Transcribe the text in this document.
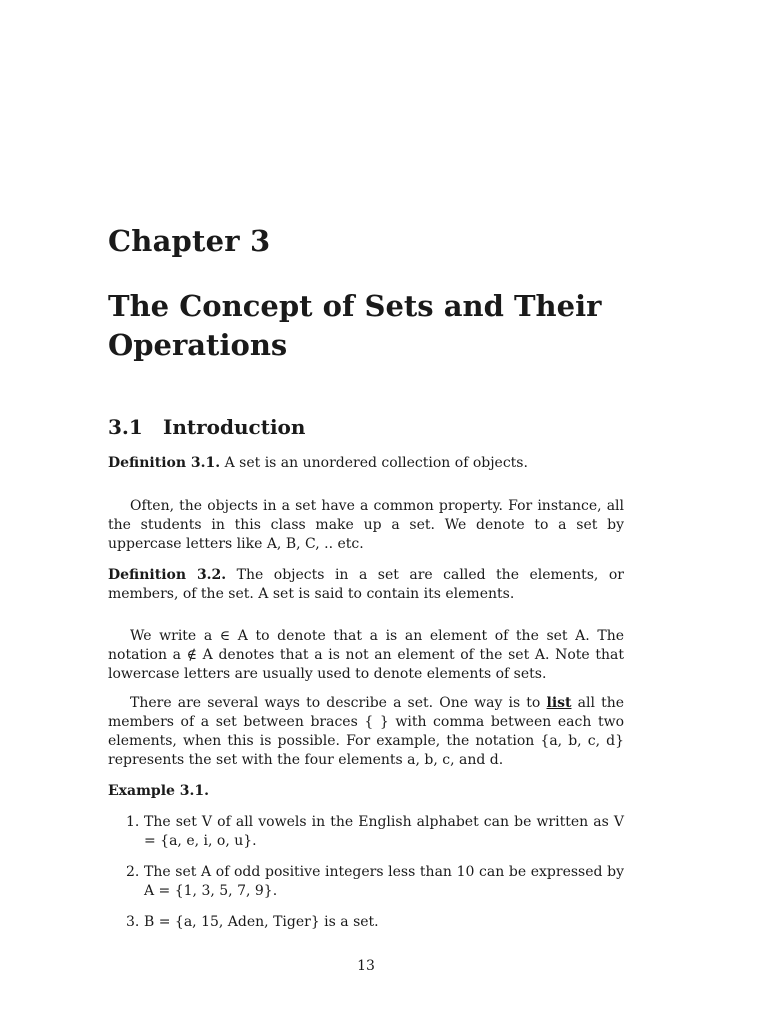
Chapter 3
The Concept of Sets and Their Operations
3.1 Introduction

Definition 3.1. A set is an unordered collection of objects.

Often, the objects in a set have a common property. For instance, all the students in this class make up a set. We denote to a set by uppercase letters like A, B, C, .. etc.

Definition 3.2. The objects in a set are called the elements, or members, of the set. A set is said to contain its elements.

We write a ∈ A to denote that a is an element of the set A. The notation a ∉ A denotes that a is not an element of the set A. Note that lowercase letters are usually used to denote elements of sets.

There are several ways to describe a set. One way is to list all the members of a set between braces { } with comma between each two elements, when this is possible. For example, the notation {a, b, c, d} represents the set with the four elements a, b, c, and d.

Example 3.1.

1. The set V of all vowels in the English alphabet can be written as V = {a, e, i, o, u}.
2. The set A of odd positive integers less than 10 can be expressed by A = {1, 3, 5, 7, 9}.
3. B = {a, 15, Aden, Tiger} is a set.
13
